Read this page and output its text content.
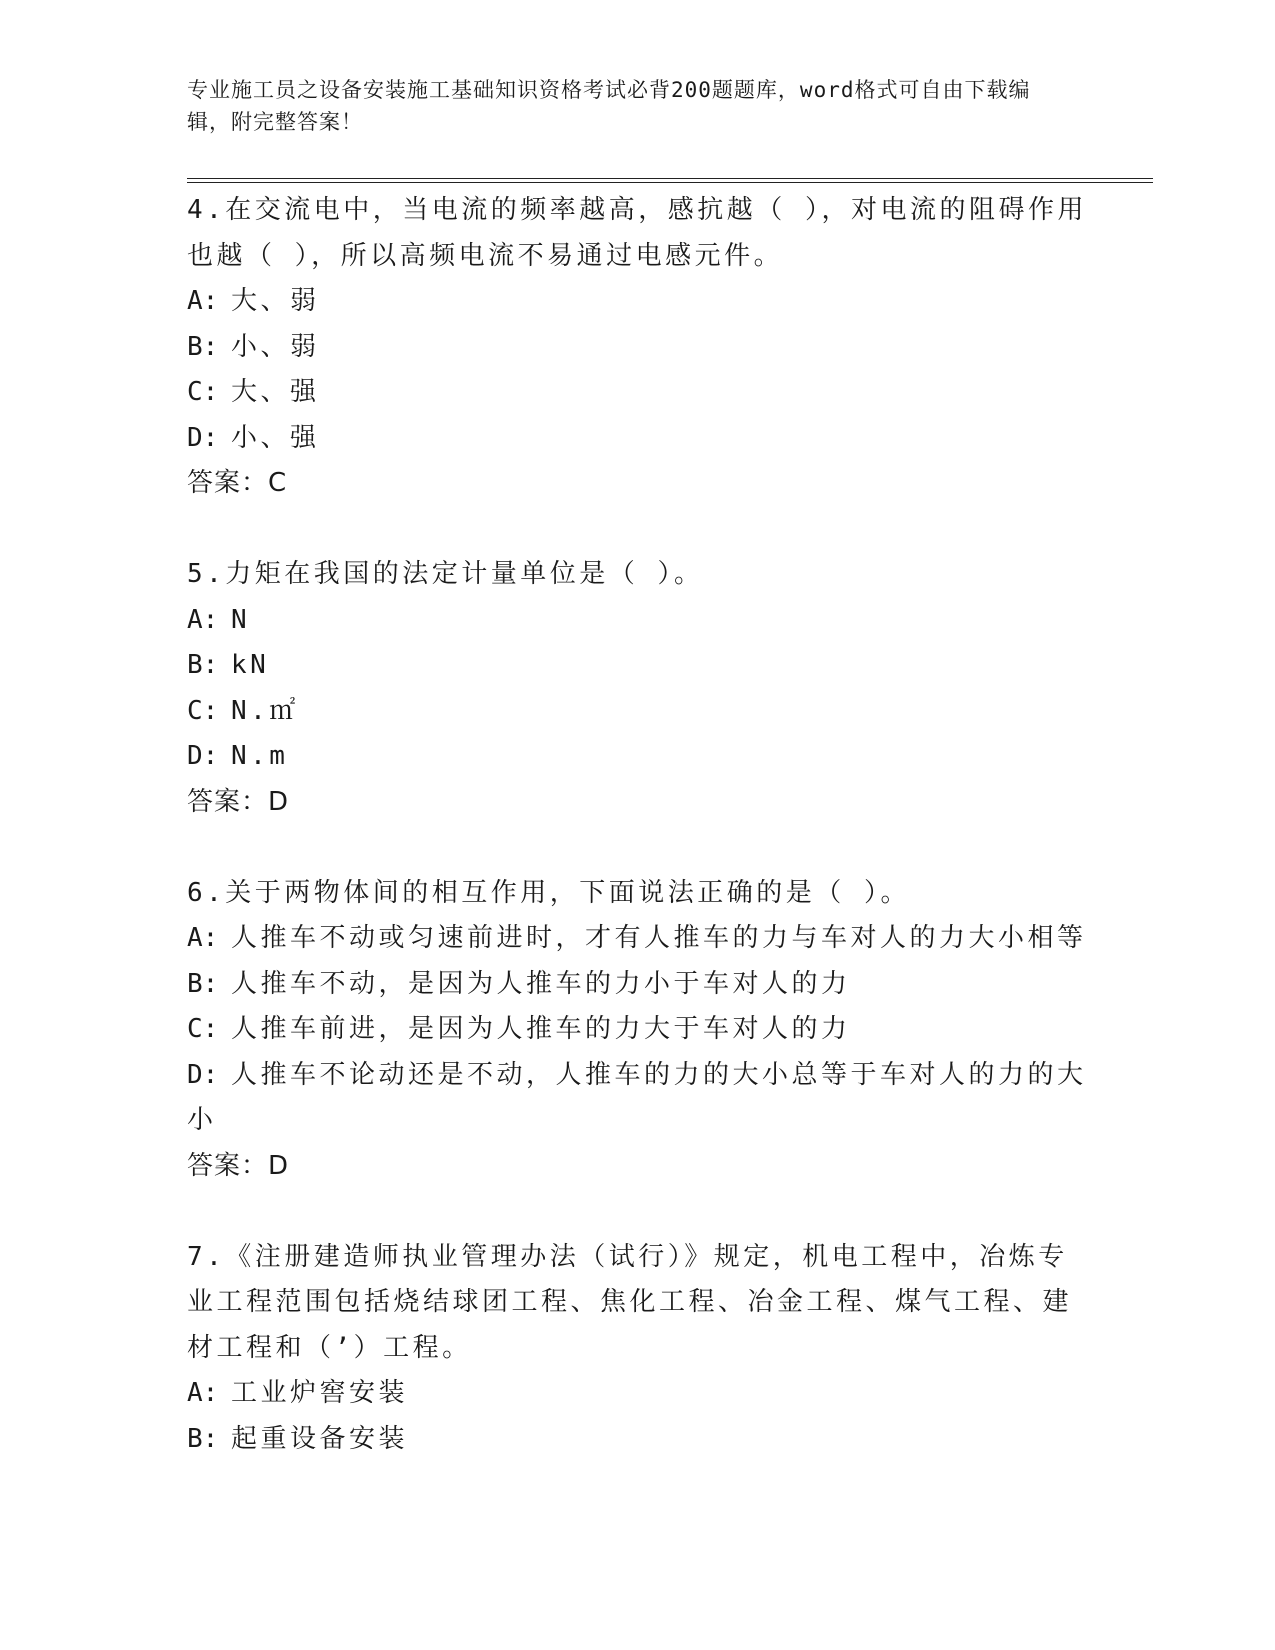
专业施工员之设备安装施工基础知识资格考试必背200题题库，word格式可自由下载编辑，附完整答案！
4.在交流电中，当电流的频率越高，感抗越（ ），对电流的阻碍作用也越（ ），所以高频电流不易通过电感元件。
A: 大、弱
B: 小、弱
C: 大、强
D: 小、强
答案：C
5.力矩在我国的法定计量单位是（ ）。
A: N
B: kN
C: N.㎡
D: N.m
答案：D
6.关于两物体间的相互作用，下面说法正确的是（ ）。
A: 人推车不动或匀速前进时，才有人推车的力与车对人的力大小相等
B: 人推车不动，是因为人推车的力小于车对人的力
C: 人推车前进，是因为人推车的力大于车对人的力
D: 人推车不论动还是不动，人推车的力的大小总等于车对人的力的大小
答案：D
7.《注册建造师执业管理办法（试行）》规定，机电工程中，冶炼专业工程范围包括烧结球团工程、焦化工程、冶金工程、煤气工程、建材工程和（’）工程。
A: 工业炉窖安装
B: 起重设备安装
